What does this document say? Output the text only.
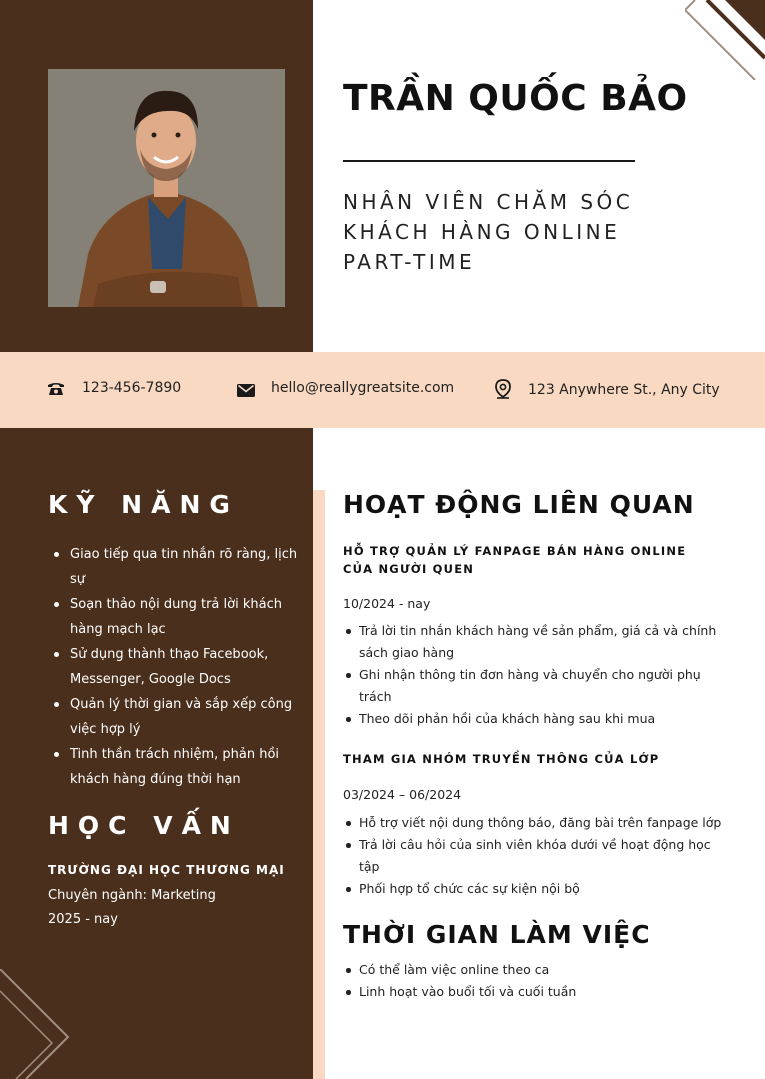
TRẦN QUỐC BẢO
NHÂN VIÊN CHĂM SÓC
KHÁCH HÀNG ONLINE
PART-TIME
123-456-7890	hello@reallygreatsite.com	123 Anywhere St., Any City
KỸ NĂNG
Giao tiếp qua tin nhắn rõ ràng, lịch sự
Soạn thảo nội dung trả lời khách hàng mạch lạc
Sử dụng thành thạo Facebook, Messenger, Google Docs
Quản lý thời gian và sắp xếp công việc hợp lý
Tinh thần trách nhiệm, phản hồi khách hàng đúng thời hạn
HỌC VẤN
TRƯỜNG ĐẠI HỌC THƯƠNG MẠI
Chuyên ngành: Marketing
2025 - nay
HOẠT ĐỘNG LIÊN QUAN
HỖ TRỢ QUẢN LÝ FANPAGE BÁN HÀNG ONLINE CỦA NGƯỜI QUEN
10/2024 - nay
Trả lời tin nhắn khách hàng về sản phẩm, giá cả và chính sách giao hàng
Ghi nhận thông tin đơn hàng và chuyển cho người phụ trách
Theo dõi phản hồi của khách hàng sau khi mua
THAM GIA NHÓM TRUYỀN THÔNG CỦA LỚP
03/2024 – 06/2024
Hỗ trợ viết nội dung thông báo, đăng bài trên fanpage lớp
Trả lời câu hỏi của sinh viên khóa dưới về hoạt động học tập
Phối hợp tổ chức các sự kiện nội bộ
THỜI GIAN LÀM VIỆC
Có thể làm việc online theo ca
Linh hoạt vào buổi tối và cuối tuần
